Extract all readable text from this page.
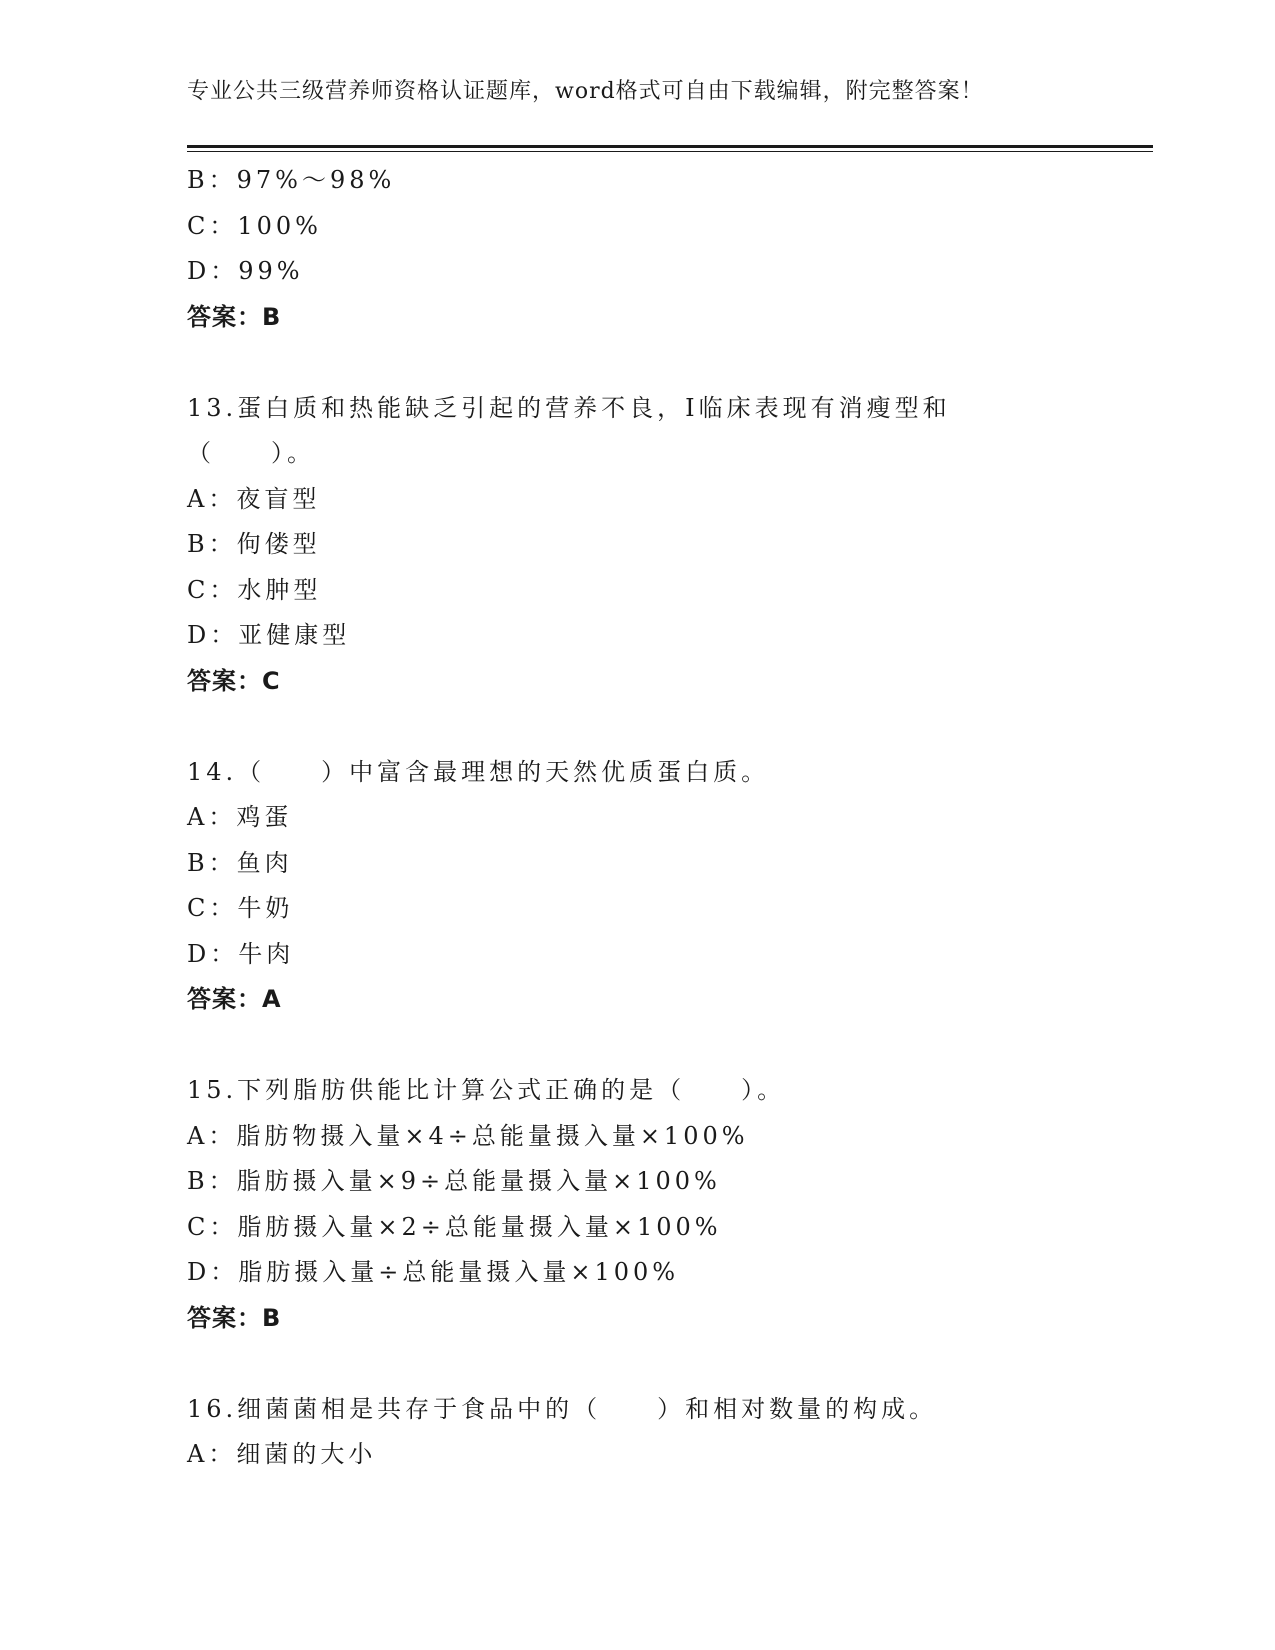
专业公共三级营养师资格认证题库，word格式可自由下载编辑，附完整答案！
B：97%～98%
C：100%
D：99%
答案：B
13.蛋白质和热能缺乏引起的营养不良，I临床表现有消瘦型和（　　）。
A：夜盲型
B：佝偻型
C：水肿型
D：亚健康型
答案：C
14.（　　）中富含最理想的天然优质蛋白质。
A：鸡蛋
B：鱼肉
C：牛奶
D：牛肉
答案：A
15.下列脂肪供能比计算公式正确的是（　　）。
A：脂肪物摄入量×4÷总能量摄入量×100%
B：脂肪摄入量×9÷总能量摄入量×100%
C：脂肪摄入量×2÷总能量摄入量×100%
D：脂肪摄入量÷总能量摄入量×100%
答案：B
16.细菌菌相是共存于食品中的（　　）和相对数量的构成。
A：细菌的大小
